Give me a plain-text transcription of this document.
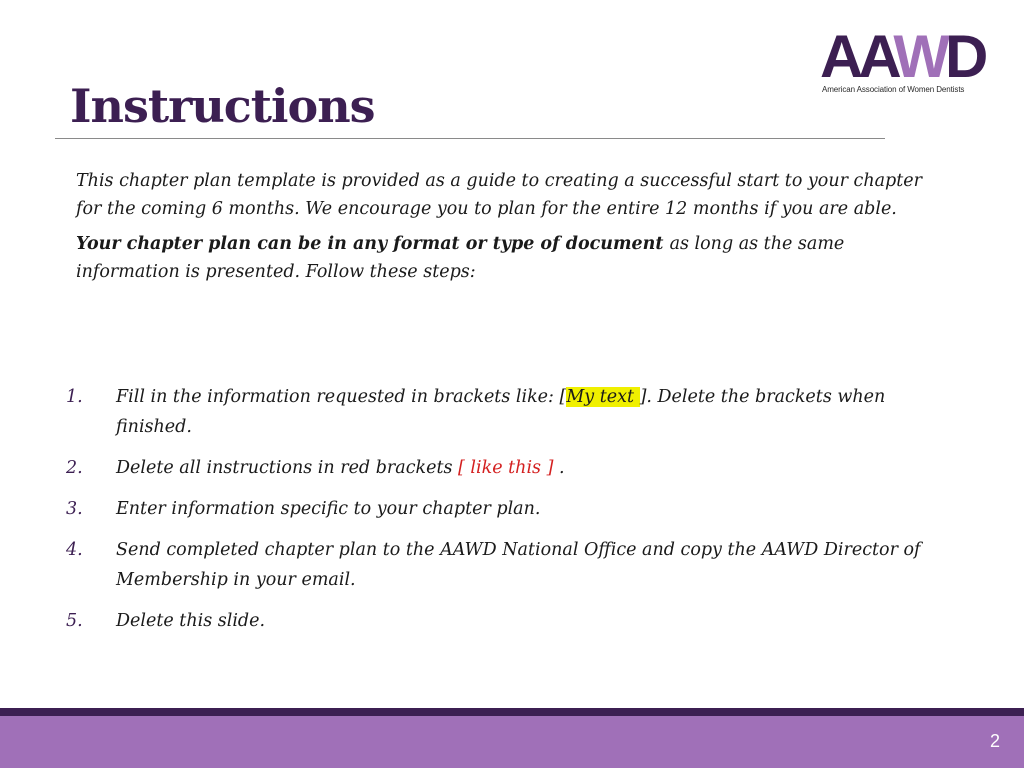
Instructions
AAWD
American Association of Women Dentists

This chapter plan template is provided as a guide to creating a successful start to your chapter for the coming 6 months. We encourage you to plan for the entire 12 months if you are able.

Your chapter plan can be in any format or type of document as long as the same information is presented. Follow these steps:

1. Fill in the information requested in brackets like: [My text ]. Delete the brackets when finished.
2. Delete all instructions in red brackets [ like this ] .
3. Enter information specific to your chapter plan.
4. Send completed chapter plan to the AAWD National Office and copy the AAWD Director of Membership in your email.
5. Delete this slide.
2
